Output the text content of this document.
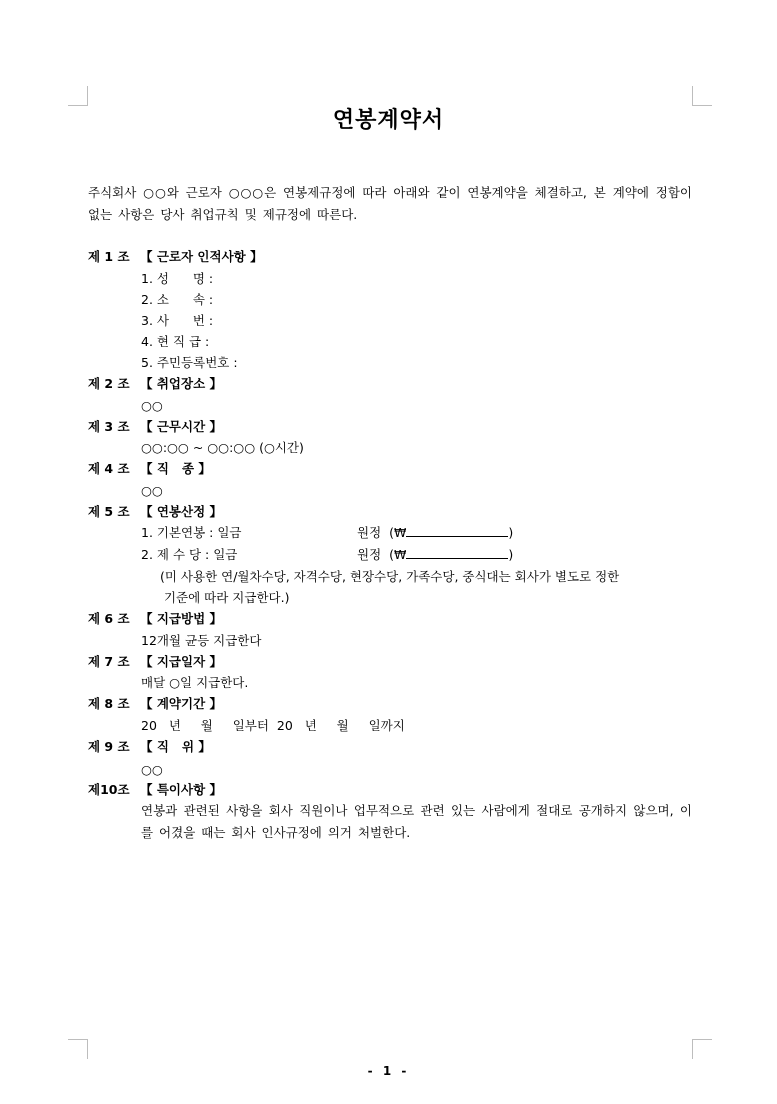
연봉계약서
주식회사 ○○와 근로자 ○○○은 연봉제규정에 따라 아래와 같이 연봉계약을 체결하고, 본 계약에 정함이 없는 사항은 당사 취업규칙 및 제규정에 따른다.
제 1 조 【 근로자 인적사항 】
1. 성      명 :
2. 소      속 :
3. 사      번 :
4. 현 직 급 :
5. 주민등록번호 :
제 2 조 【 취업장소 】
○○
제 3 조 【 근무시간 】
○○:○○ ~ ○○:○○ (○시간)
제 4 조 【 직   종 】
○○
제 5 조 【 연봉산정 】
1. 기본연봉 : 일금	원정  (₩	)
2. 제 수 당 : 일금	원정  (₩	)
(미 사용한 연/월차수당, 자격수당, 현장수당, 가족수당, 중식대는 회사가 별도로 정한
기준에 따라 지급한다.)
제 6 조 【 지급방법 】
12개월 균등 지급한다
제 7 조 【 지급일자 】
매달 ○일 지급한다.
제 8 조 【 계약기간 】
20   년     월     일부터  20   년     월     일까지
제 9 조 【 직   위 】
○○
제10조 【 특이사항 】
연봉과 관련된 사항을 회사 직원이나 업무적으로 관련 있는 사람에게 절대로 공개하지 않으며, 이를 어겼을 때는 회사 인사규정에 의거 처벌한다.
- 1 -
